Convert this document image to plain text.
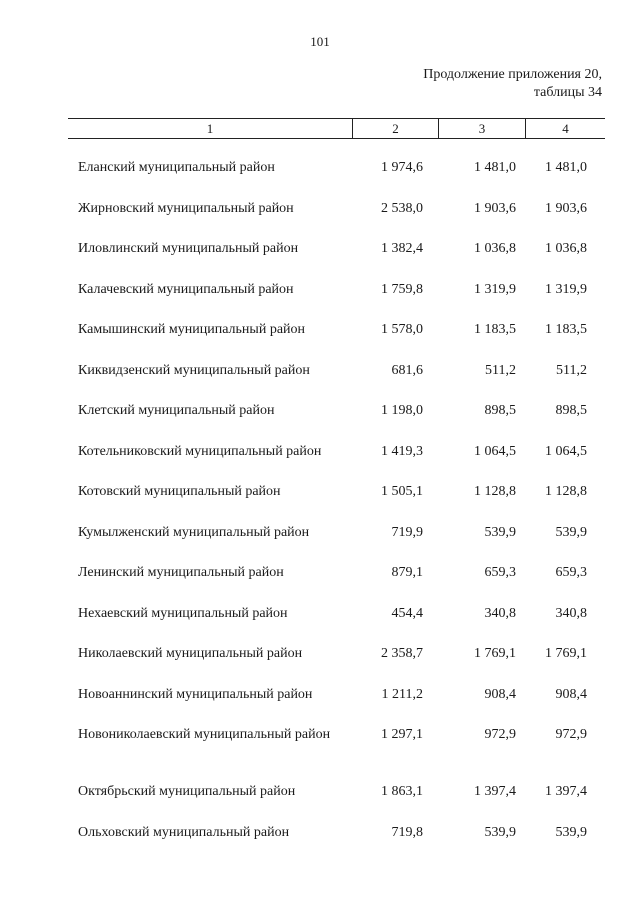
101
Продолжение приложения 20,
таблицы 34
1	2	3	4
Еланский муниципальный район	1 974,6	1 481,0	1 481,0
Жирновский муниципальный район	2 538,0	1 903,6	1 903,6
Иловлинский муниципальный район	1 382,4	1 036,8	1 036,8
Калачевский муниципальный район	1 759,8	1 319,9	1 319,9
Камышинский муниципальный район	1 578,0	1 183,5	1 183,5
Киквидзенский муниципальный район	681,6	511,2	511,2
Клетский муниципальный район	1 198,0	898,5	898,5
Котельниковский муниципальный район	1 419,3	1 064,5	1 064,5
Котовский муниципальный район	1 505,1	1 128,8	1 128,8
Кумылженский муниципальный район	719,9	539,9	539,9
Ленинский муниципальный район	879,1	659,3	659,3
Нехаевский муниципальный район	454,4	340,8	340,8
Николаевский муниципальный район	2 358,7	1 769,1	1 769,1
Новоаннинский муниципальный район	1 211,2	908,4	908,4
Новониколаевский муниципальный район	1 297,1	972,9	972,9
Октябрьский муниципальный район	1 863,1	1 397,4	1 397,4
Ольховский муниципальный район	719,8	539,9	539,9
